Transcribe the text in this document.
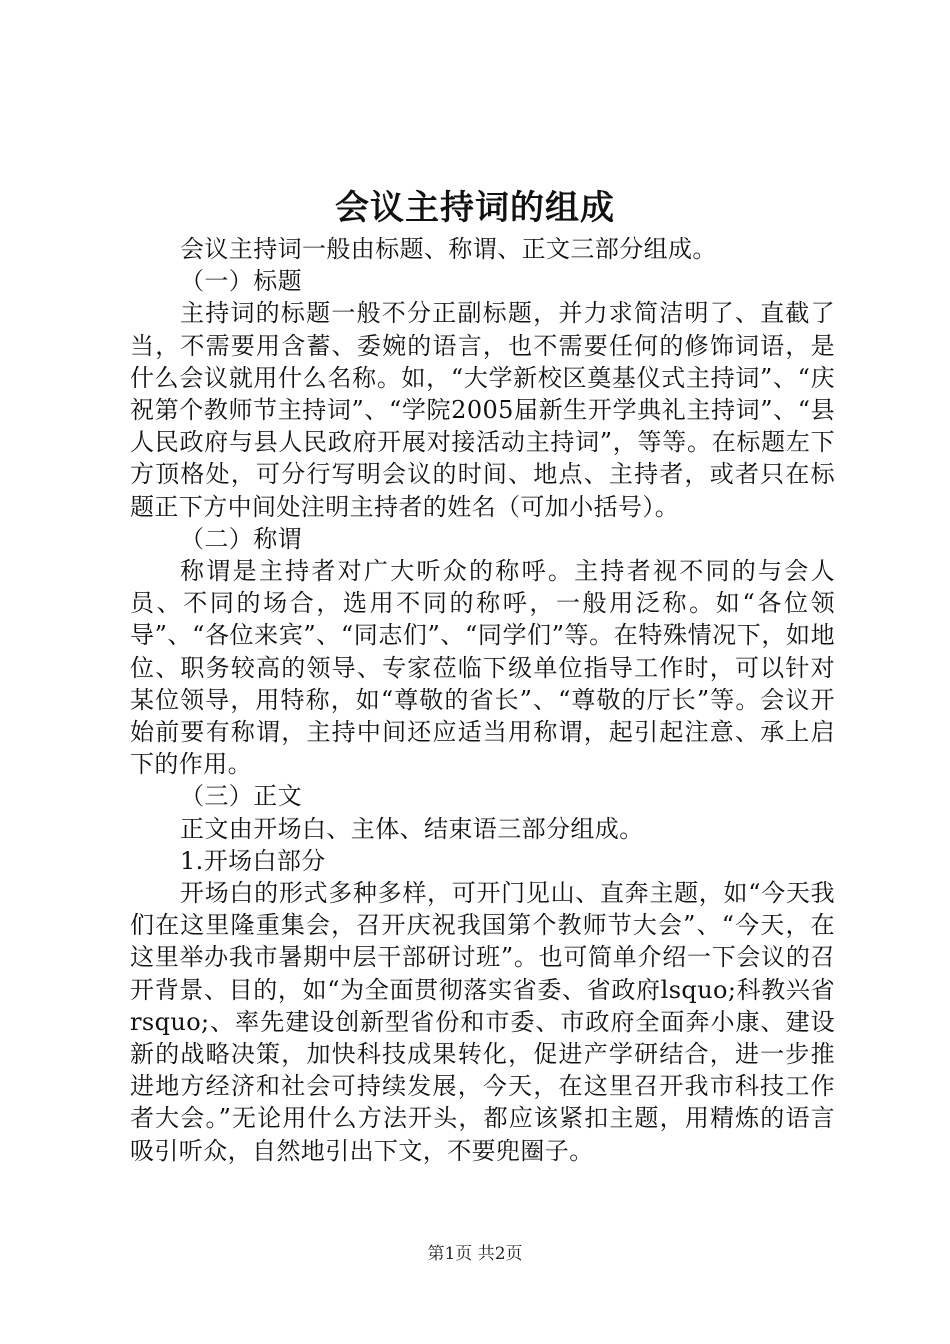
会议主持词的组成

会议主持词一般由标题、称谓、正文三部分组成。

（一）标题

主持词的标题一般不分正副标题，并力求简洁明了、直截了当，不需要用含蓄、委婉的语言，也不需要任何的修饰词语，是什么会议就用什么名称。如，“大学新校区奠基仪式主持词”、“庆祝第个教师节主持词”、“学院2005届新生开学典礼主持词”、“县人民政府与县人民政府开展对接活动主持词”，等等。在标题左下方顶格处，可分行写明会议的时间、地点、主持者，或者只在标题正下方中间处注明主持者的姓名（可加小括号）。

（二）称谓

称谓是主持者对广大听众的称呼。主持者视不同的与会人员、不同的场合，选用不同的称呼，一般用泛称。如“各位领导”、“各位来宾”、“同志们”、“同学们”等。在特殊情况下，如地位、职务较高的领导、专家莅临下级单位指导工作时，可以针对某位领导，用特称，如“尊敬的省长”、“尊敬的厅长”等。会议开始前要有称谓，主持中间还应适当用称谓，起引起注意、承上启下的作用。

（三）正文

正文由开场白、主体、结束语三部分组成。

1.开场白部分

开场白的形式多种多样，可开门见山、直奔主题，如“今天我们在这里隆重集会，召开庆祝我国第个教师节大会”、“今天，在这里举办我市暑期中层干部研讨班”。也可简单介绍一下会议的召开背景、目的，如“为全面贯彻落实省委、省政府lsquo;科教兴省rsquo;、率先建设创新型省份和市委、市政府全面奔小康、建设新的战略决策，加快科技成果转化，促进产学研结合，进一步推进地方经济和社会可持续发展，今天，在这里召开我市科技工作者大会。”无论用什么方法开头，都应该紧扣主题，用精炼的语言吸引听众，自然地引出下文，不要兜圈子。

第1页 共2页
